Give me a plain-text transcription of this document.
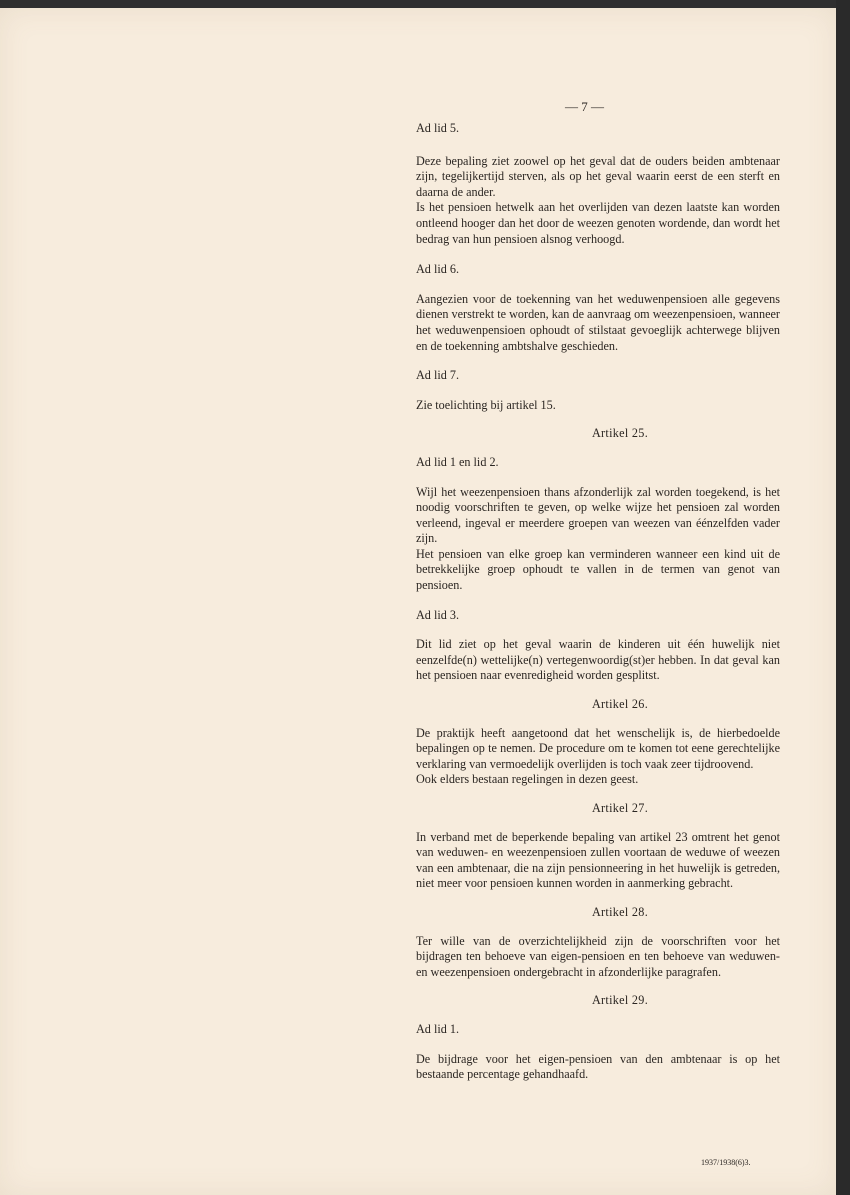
— 7 —

Ad lid 5.

Deze bepaling ziet zoowel op het geval dat de ouders beiden ambtenaar zijn, tegelijkertijd sterven, als op het geval waarin eerst de een sterft en daarna de ander.

Is het pensioen hetwelk aan het overlijden van dezen laatste kan worden ontleend hooger dan het door de weezen genoten wordende, dan wordt het bedrag van hun pensioen alsnog verhoogd.

Ad lid 6.

Aangezien voor de toekenning van het weduwenpensioen alle gegevens dienen verstrekt te worden, kan de aanvraag om weezenpensioen, wanneer het weduwenpensioen ophoudt of stilstaat gevoeglijk achterwege blijven en de toekenning ambtshalve geschieden.

Ad lid 7.

Zie toelichting bij artikel 15.

Artikel 25.

Ad lid 1 en lid 2.

Wijl het weezenpensioen thans afzonderlijk zal worden toegekend, is het noodig voorschriften te geven, op welke wijze het pensioen zal worden verleend, ingeval er meerdere groepen van weezen van éénzelfden vader zijn.

Het pensioen van elke groep kan verminderen wanneer een kind uit de betrekkelijke groep ophoudt te vallen in de termen van genot van pensioen.

Ad lid 3.

Dit lid ziet op het geval waarin de kinderen uit één huwelijk niet eenzelfde(n) wettelijke(n) vertegenwoordig(st)er hebben. In dat geval kan het pensioen naar evenredigheid worden gesplitst.

Artikel 26.

De praktijk heeft aangetoond dat het wenschelijk is, de hierbedoelde bepalingen op te nemen. De procedure om te komen tot eene gerechtelijke verklaring van vermoedelijk overlijden is toch vaak zeer tijdroovend.

Ook elders bestaan regelingen in dezen geest.

Artikel 27.

In verband met de beperkende bepaling van artikel 23 omtrent het genot van weduwen- en weezenpensioen zullen voortaan de weduwe of weezen van een ambtenaar, die na zijn pensionneering in het huwelijk is getreden, niet meer voor pensioen kunnen worden in aanmerking gebracht.

Artikel 28.

Ter wille van de overzichtelijkheid zijn de voorschriften voor het bijdragen ten behoeve van eigen-pensioen en ten behoeve van weduwen- en weezenpensioen ondergebracht in afzonderlijke paragrafen.

Artikel 29.

Ad lid 1.

De bijdrage voor het eigen-pensioen van den ambtenaar is op het bestaande percentage gehandhaafd.

1937/1938(6)3.
